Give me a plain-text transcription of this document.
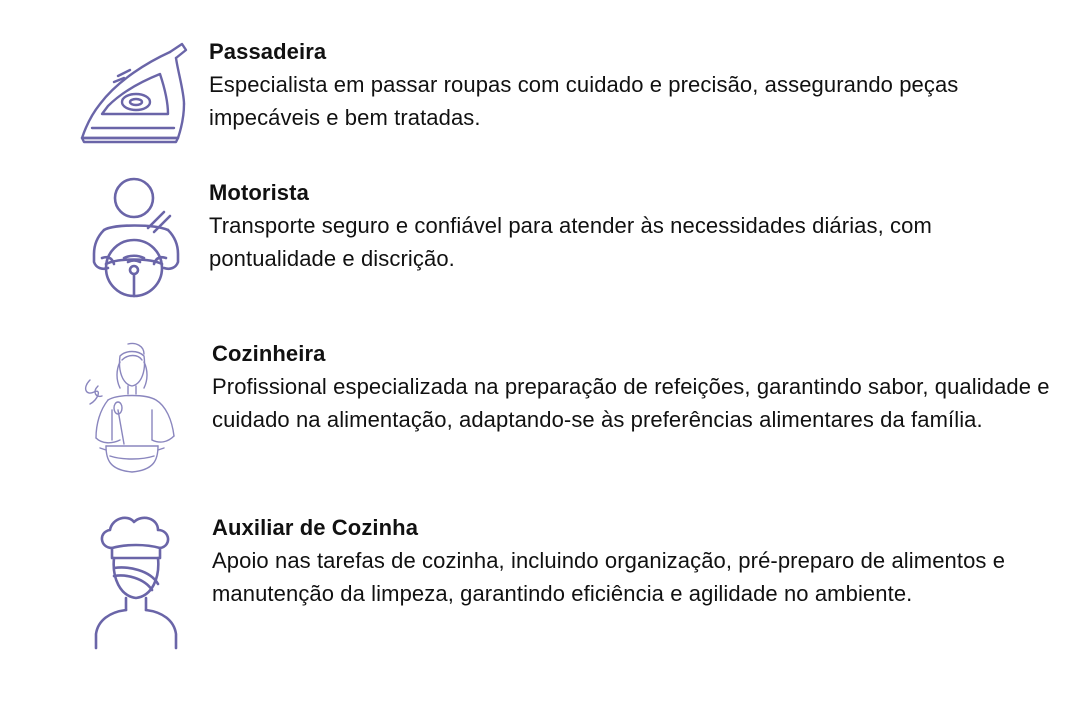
Passadeira

Especialista em passar roupas com cuidado e precisão, assegurando peças impecáveis e bem tratadas.

Motorista

Transporte seguro e confiável para atender às necessidades diárias, com pontualidade e discrição.

Cozinheira

Profissional especializada na preparação de refeições, garantindo sabor, qualidade e cuidado na alimentação, adaptando-se às preferências alimentares da família.

Auxiliar de Cozinha

Apoio nas tarefas de cozinha, incluindo organização, pré-preparo de alimentos e manutenção da limpeza, garantindo eficiência e agilidade no ambiente.
